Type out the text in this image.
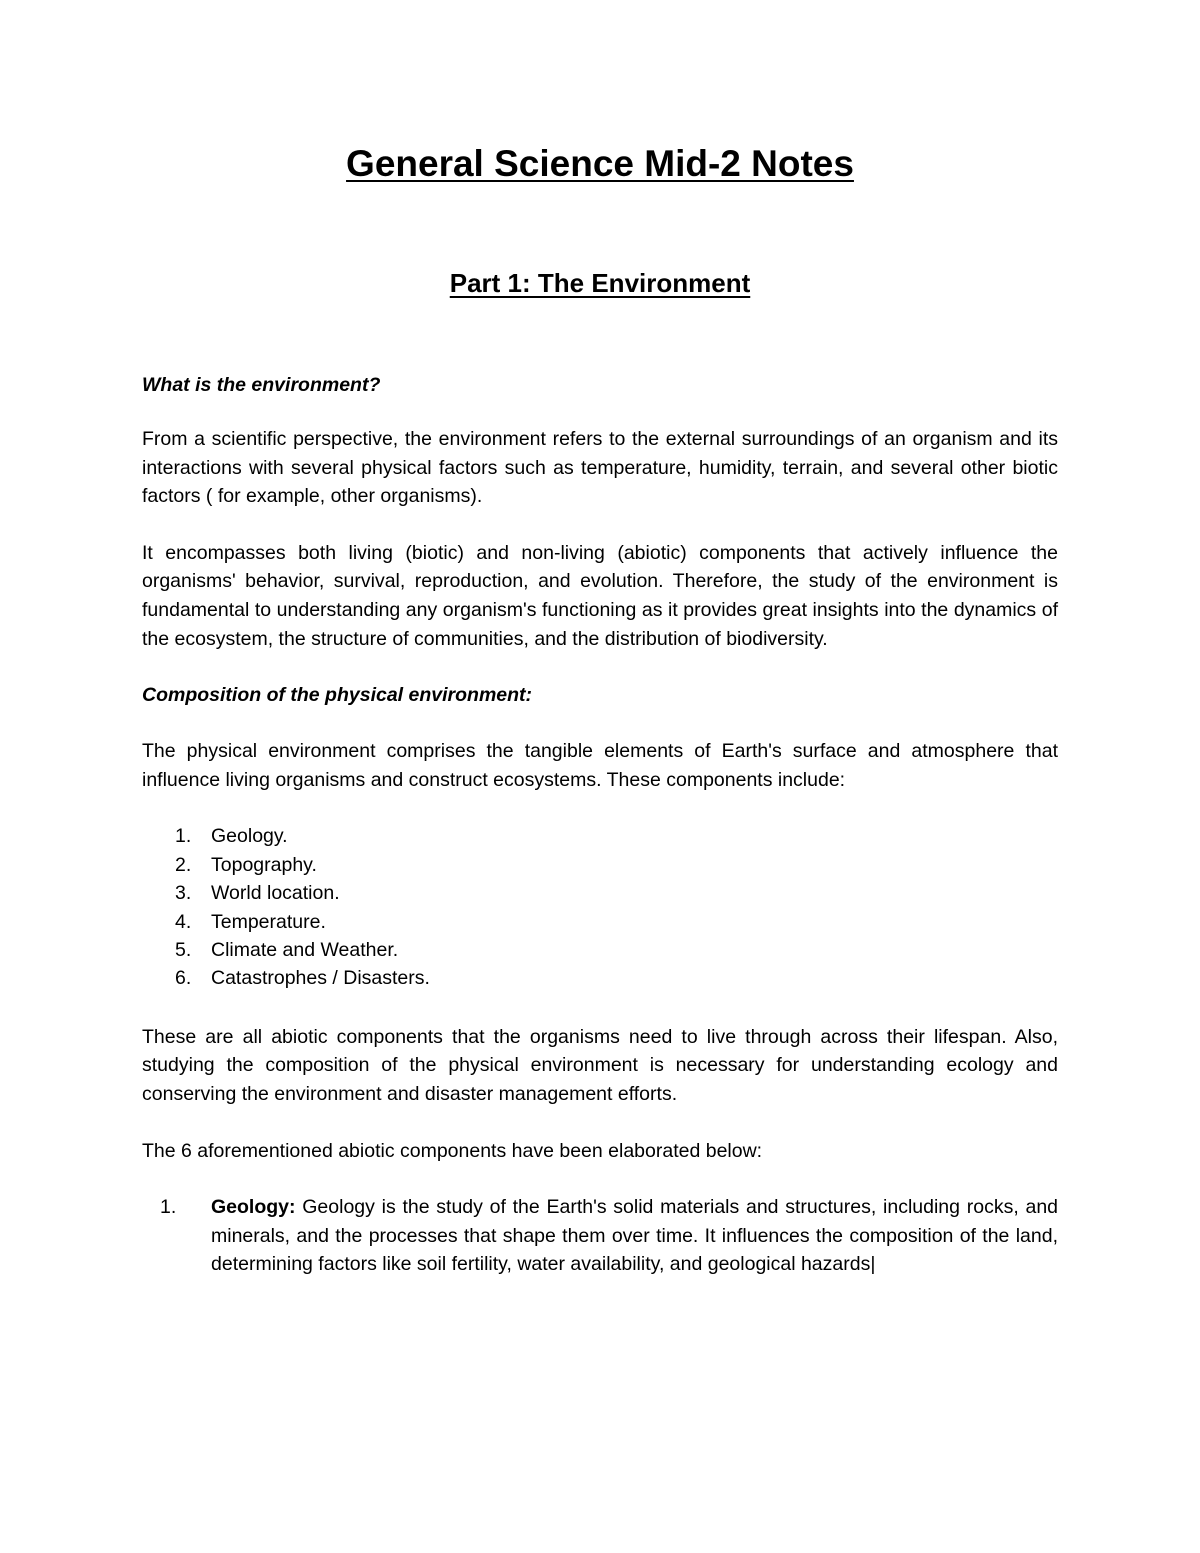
General Science Mid-2 Notes
Part 1: The Environment

What is the environment?

From a scientific perspective, the environment refers to the external surroundings of an organism and its interactions with several physical factors such as temperature, humidity, terrain, and several other biotic factors ( for example, other organisms).

It encompasses both living (biotic) and non-living (abiotic) components that actively influence the organisms' behavior, survival, reproduction, and evolution. Therefore, the study of the environment is fundamental to understanding any organism's functioning as it provides great insights into the dynamics of the ecosystem, the structure of communities, and the distribution of biodiversity.

Composition of the physical environment:

The physical environment comprises the tangible elements of Earth's surface and atmosphere that influence living organisms and construct ecosystems. These components include:

1. Geology.
2. Topography.
3. World location.
4. Temperature.
5. Climate and Weather.
6. Catastrophes / Disasters.

These are all abiotic components that the organisms need to live through across their lifespan. Also, studying the composition of the physical environment is necessary for understanding ecology and conserving the environment and disaster management efforts.

The 6 aforementioned abiotic components have been elaborated below:

1. Geology: Geology is the study of the Earth's solid materials and structures, including rocks, and minerals, and the processes that shape them over time. It influences the composition of the land, determining factors like soil fertility, water availability, and geological hazards|
